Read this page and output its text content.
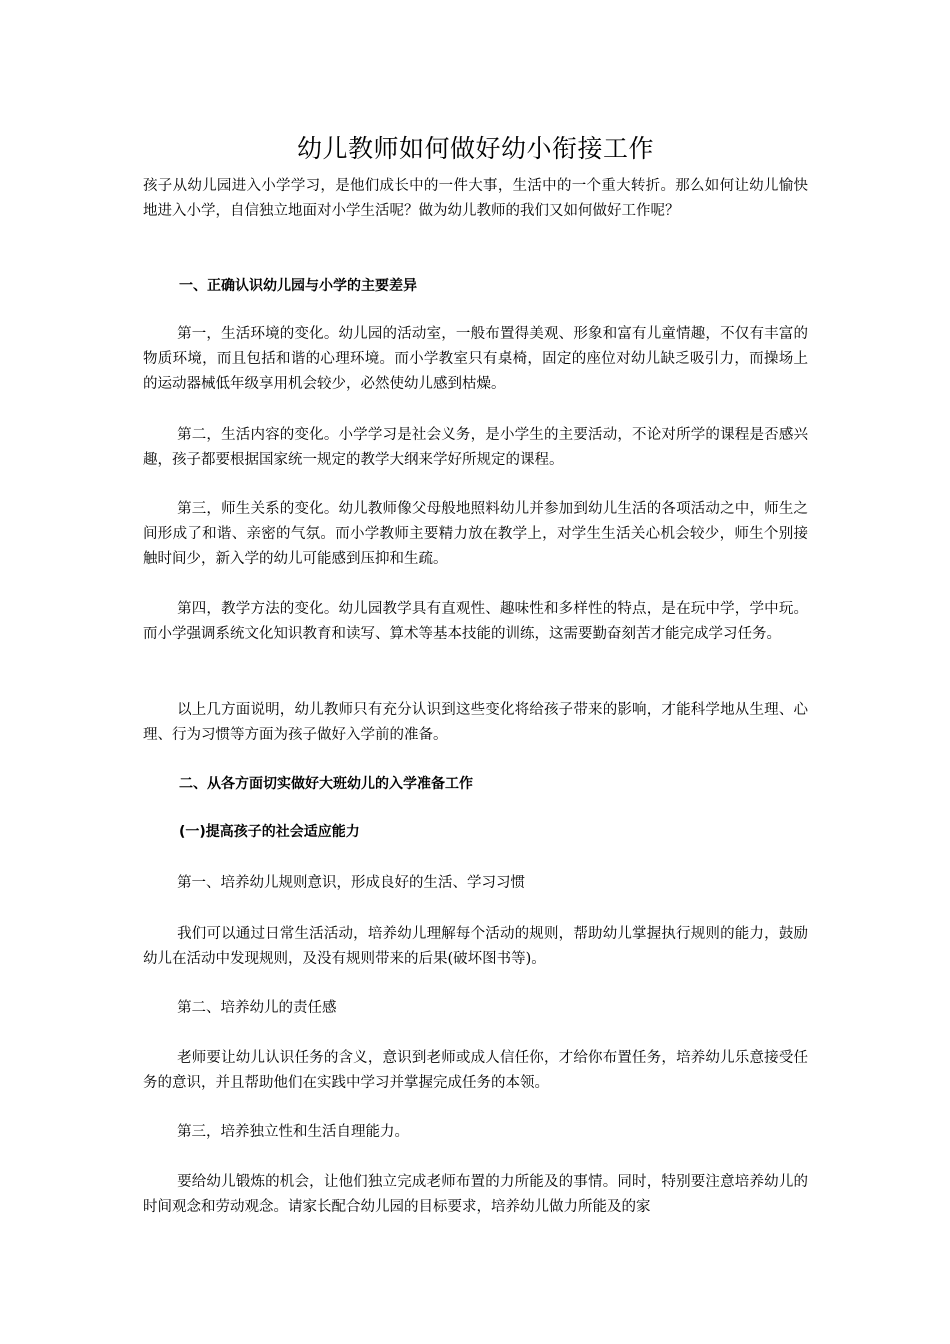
幼儿教师如何做好幼小衔接工作

孩子从幼儿园进入小学学习，是他们成长中的一件大事，生活中的一个重大转折。那么如何让幼儿愉快地进入小学，自信独立地面对小学生活呢？做为幼儿教师的我们又如何做好工作呢？

一、正确认识幼儿园与小学的主要差异

第一，生活环境的变化。幼儿园的活动室，一般布置得美观、形象和富有儿童情趣，不仅有丰富的物质环境，而且包括和谐的心理环境。而小学教室只有桌椅，固定的座位对幼儿缺乏吸引力，而操场上的运动器械低年级享用机会较少，必然使幼儿感到枯燥。

第二，生活内容的变化。小学学习是社会义务，是小学生的主要活动，不论对所学的课程是否感兴趣，孩子都要根据国家统一规定的教学大纲来学好所规定的课程。

第三，师生关系的变化。幼儿教师像父母般地照料幼儿并参加到幼儿生活的各项活动之中，师生之间形成了和谐、亲密的气氛。而小学教师主要精力放在教学上，对学生生活关心机会较少，师生个别接触时间少，新入学的幼儿可能感到压抑和生疏。

第四，教学方法的变化。幼儿园教学具有直观性、趣味性和多样性的特点，是在玩中学，学中玩。而小学强调系统文化知识教育和读写、算术等基本技能的训练，这需要勤奋刻苦才能完成学习任务。

以上几方面说明，幼儿教师只有充分认识到这些变化将给孩子带来的影响，才能科学地从生理、心理、行为习惯等方面为孩子做好入学前的准备。

二、从各方面切实做好大班幼儿的入学准备工作

(一)提高孩子的社会适应能力

第一、培养幼儿规则意识，形成良好的生活、学习习惯

我们可以通过日常生活活动，培养幼儿理解每个活动的规则，帮助幼儿掌握执行规则的能力，鼓励幼儿在活动中发现规则，及没有规则带来的后果(破坏图书等)。

第二、培养幼儿的责任感

老师要让幼儿认识任务的含义，意识到老师或成人信任你，才给你布置任务，培养幼儿乐意接受任务的意识，并且帮助他们在实践中学习并掌握完成任务的本领。

第三，培养独立性和生活自理能力。

要给幼儿锻炼的机会，让他们独立完成老师布置的力所能及的事情。同时，特别要注意培养幼儿的时间观念和劳动观念。请家长配合幼儿园的目标要求，培养幼儿做力所能及的家
